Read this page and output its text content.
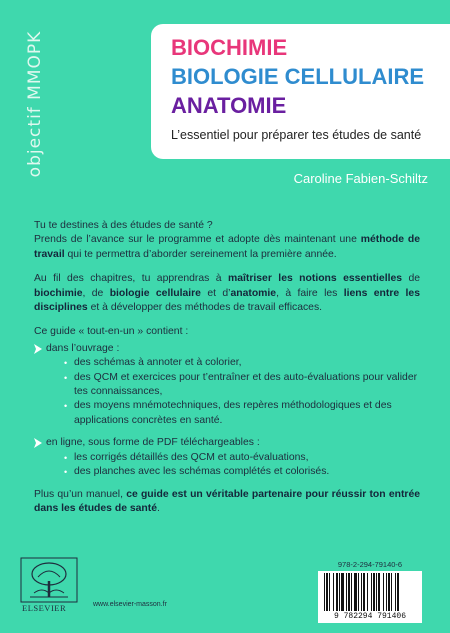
objectif MMOPK	BIOCHIMIE
BIOLOGIE CELLULAIRE
ANATOMIE
L’essentiel pour préparer tes études de santé
Caroline Fabien-Schiltz

Tu te destines à des études de santé ?
Prends de l’avance sur le programme et adopte dès maintenant une méthode de travail qui te permettra d’aborder sereinement la première année.

Au fil des chapitres, tu apprendras à maîtriser les notions essentielles de biochimie, de biologie cellulaire et d’anatomie, à faire les liens entre les disciplines et à développer des méthodes de travail efficaces.

Ce guide « tout-en-un » contient :
dans l’ouvrage :
• des schémas à annoter et à colorier,
• des QCM et exercices pour t’entraîner et des auto-évaluations pour valider tes connaissances,
• des moyens mnémotechniques, des repères méthodologiques et des applications concrètes en santé.
en ligne, sous forme de PDF téléchargeables :
• les corrigés détaillés des QCM et auto-évaluations,
• des planches avec les schémas complétés et colorisés.

Plus qu’un manuel, ce guide est un véritable partenaire pour réussir ton entrée dans les études de santé.

ELSEVIER	www.elsevier-masson.fr
978-2-294-79140-6
9 782294 791406
